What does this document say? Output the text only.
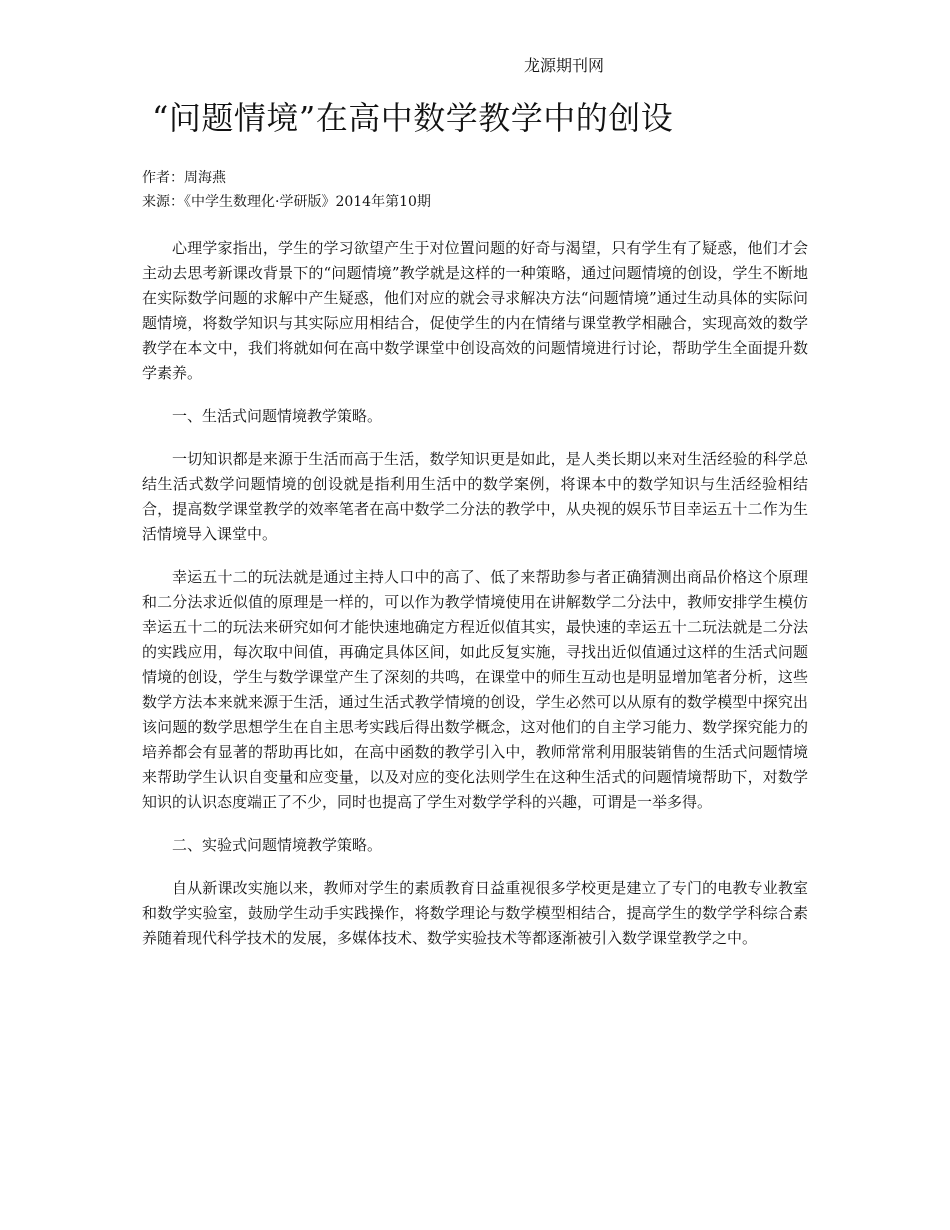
龙源期刊网
“问题情境”在高中数学教学中的创设
作者：周海燕
来源：《中学生数理化·学研版》2014年第10期

心理学家指出，学生的学习欲望产生于对位置问题的好奇与渴望，只有学生有了疑惑，他们才会主动去思考新课改背景下的“问题情境”教学就是这样的一种策略，通过问题情境的创设，学生不断地在实际数学问题的求解中产生疑惑，他们对应的就会寻求解决方法“问题情境”通过生动具体的实际问题情境，将数学知识与其实际应用相结合，促使学生的内在情绪与课堂教学相融合，实现高效的数学教学在本文中，我们将就如何在高中数学课堂中创设高效的问题情境进行讨论，帮助学生全面提升数学素养。

一、生活式问题情境教学策略。

一切知识都是来源于生活而高于生活，数学知识更是如此，是人类长期以来对生活经验的科学总结生活式数学问题情境的创设就是指利用生活中的数学案例，将课本中的数学知识与生活经验相结合，提高数学课堂教学的效率笔者在高中数学二分法的教学中，从央视的娱乐节目幸运五十二作为生活情境导入课堂中。

幸运五十二的玩法就是通过主持人口中的高了、低了来帮助参与者正确猜测出商品价格这个原理和二分法求近似值的原理是一样的，可以作为教学情境使用在讲解数学二分法中，教师安排学生模仿幸运五十二的玩法来研究如何才能快速地确定方程近似值其实，最快速的幸运五十二玩法就是二分法的实践应用，每次取中间值，再确定具体区间，如此反复实施，寻找出近似值通过这样的生活式问题情境的创设，学生与数学课堂产生了深刻的共鸣，在课堂中的师生互动也是明显增加笔者分析，这些数学方法本来就来源于生活，通过生活式教学情境的创设，学生必然可以从原有的数学模型中探究出该问题的数学思想学生在自主思考实践后得出数学概念，这对他们的自主学习能力、数学探究能力的培养都会有显著的帮助再比如，在高中函数的教学引入中，教师常常利用服装销售的生活式问题情境来帮助学生认识自变量和应变量，以及对应的变化法则学生在这种生活式的问题情境帮助下，对数学知识的认识态度端正了不少，同时也提高了学生对数学学科的兴趣，可谓是一举多得。

二、实验式问题情境教学策略。

自从新课改实施以来，教师对学生的素质教育日益重视很多学校更是建立了专门的电教专业教室和数学实验室，鼓励学生动手实践操作，将数学理论与数学模型相结合，提高学生的数学学科综合素养随着现代科学技术的发展，多媒体技术、数学实验技术等都逐渐被引入数学课堂教学之中。
